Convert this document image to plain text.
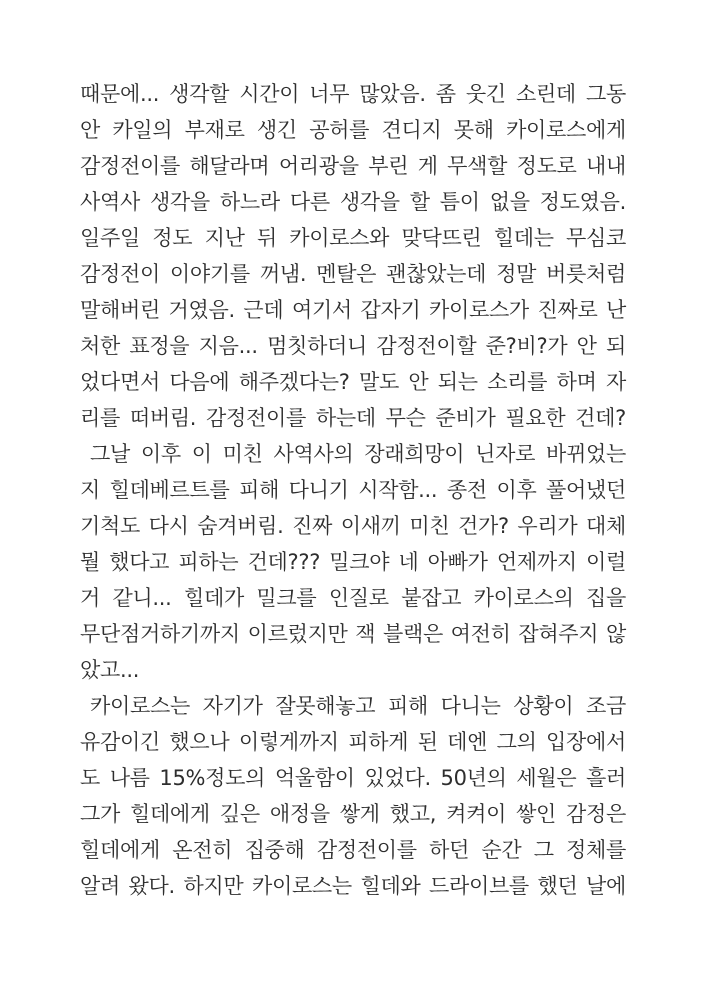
때문에... 생각할 시간이 너무 많았음. 좀 웃긴 소린데 그동
안 카일의 부재로 생긴 공허를 견디지 못해 카이로스에게
감정전이를 해달라며 어리광을 부린 게 무색할 정도로 내내
사역사 생각을 하느라 다른 생각을 할 틈이 없을 정도였음.
일주일 정도 지난 뒤 카이로스와 맞닥뜨린 힐데는 무심코
감정전이 이야기를 꺼냄. 멘탈은 괜찮았는데 정말 버릇처럼
말해버린 거였음. 근데 여기서 갑자기 카이로스가 진짜로 난
처한 표정을 지음... 멈칫하더니 감정전이할 준?비?가 안 되
었다면서 다음에 해주겠다는? 말도 안 되는 소리를 하며 자
리를 떠버림. 감정전이를 하는데 무슨 준비가 필요한 건데?
그날 이후 이 미친 사역사의 장래희망이 닌자로 바뀌었는
지 힐데베르트를 피해 다니기 시작함... 종전 이후 풀어냈던
기척도 다시 숨겨버림. 진짜 이새끼 미친 건가? 우리가 대체
뭘 했다고 피하는 건데??? 밀크야 네 아빠가 언제까지 이럴
거 같니... 힐데가 밀크를 인질로 붙잡고 카이로스의 집을
무단점거하기까지 이르렀지만 잭 블랙은 여전히 잡혀주지 않
았고...
카이로스는 자기가 잘못해놓고 피해 다니는 상황이 조금
유감이긴 했으나 이렇게까지 피하게 된 데엔 그의 입장에서
도 나름 15%정도의 억울함이 있었다. 50년의 세월은 흘러
그가 힐데에게 깊은 애정을 쌓게 했고, 켜켜이 쌓인 감정은
힐데에게 온전히 집중해 감정전이를 하던 순간 그 정체를
알려 왔다. 하지만 카이로스는 힐데와 드라이브를 했던 날에
